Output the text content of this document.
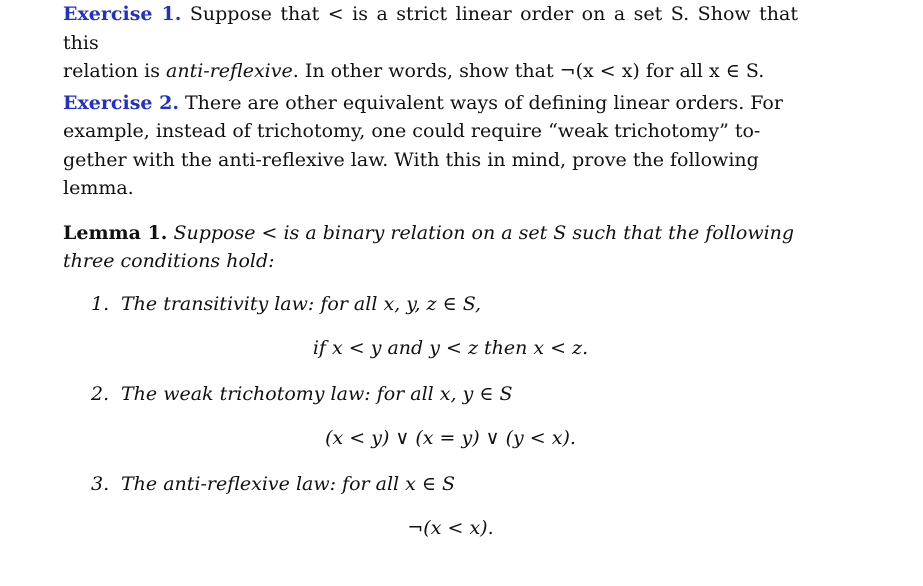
Exercise 1. Suppose that < is a strict linear order on a set S. Show that this
relation is anti-reflexive. In other words, show that ¬(x < x) for all x ∈ S.

Exercise 2. There are other equivalent ways of defining linear orders. For
example, instead of trichotomy, one could require “weak trichotomy” to-
gether with the anti-reflexive law. With this in mind, prove the following
lemma.

Lemma 1. Suppose < is a binary relation on a set S such that the following
three conditions hold:

1. The transitivity law: for all x, y, z ∈ S,
if x < y and y < z then x < z.
2. The weak trichotomy law: for all x, y ∈ S
(x < y) ∨ (x = y) ∨ (y < x).
3. The anti-reflexive law: for all x ∈ S
¬(x < x).
